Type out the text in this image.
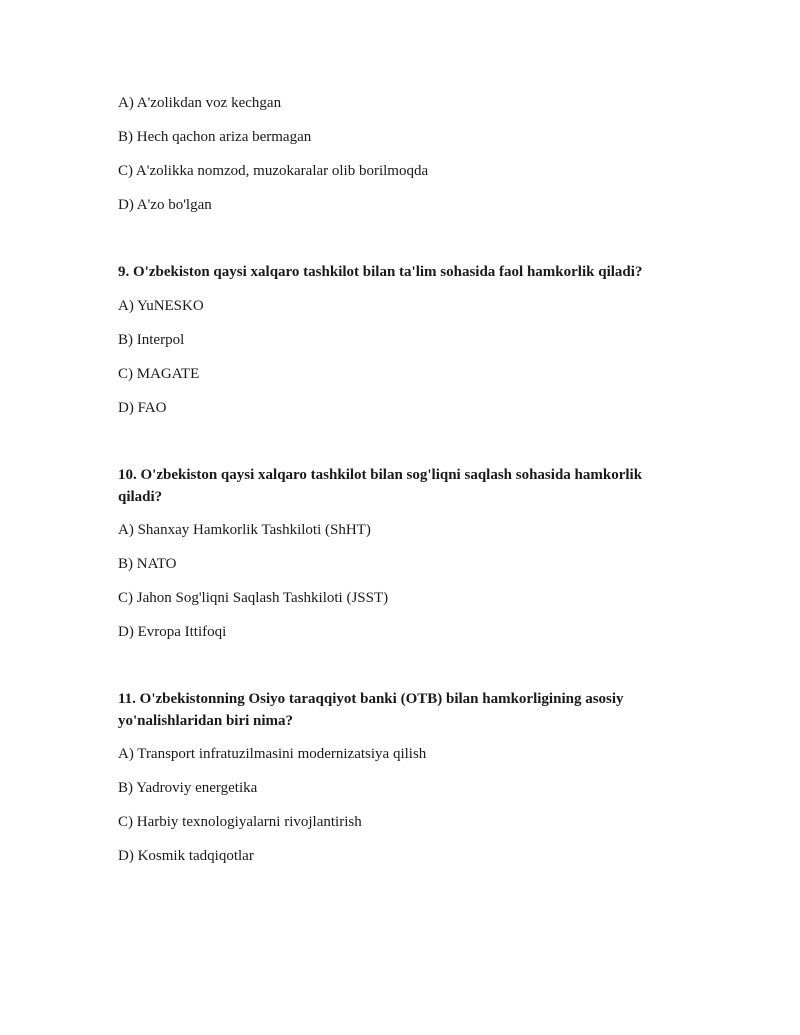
A) A'zolikdan voz kechgan
B) Hech qachon ariza bermagan
C) A'zolikka nomzod, muzokaralar olib borilmoqda
D) A'zo bo'lgan
9. O'zbekiston qaysi xalqaro tashkilot bilan ta'lim sohasida faol hamkorlik qiladi?
A) YuNESKO
B) Interpol
C) MAGATE
D) FAO
10. O'zbekiston qaysi xalqaro tashkilot bilan sog'liqni saqlash sohasida hamkorlik qiladi?
A) Shanxay Hamkorlik Tashkiloti (ShHT)
B) NATO
C) Jahon Sog'liqni Saqlash Tashkiloti (JSST)
D) Evropa Ittifoqi
11. O'zbekistonning Osiyo taraqqiyot banki (OTB) bilan hamkorligining asosiy yo'nalishlaridan biri nima?
A) Transport infratuzilmasini modernizatsiya qilish
B) Yadroviy energetika
C) Harbiy texnologiyalarni rivojlantirish
D) Kosmik tadqiqotlar
